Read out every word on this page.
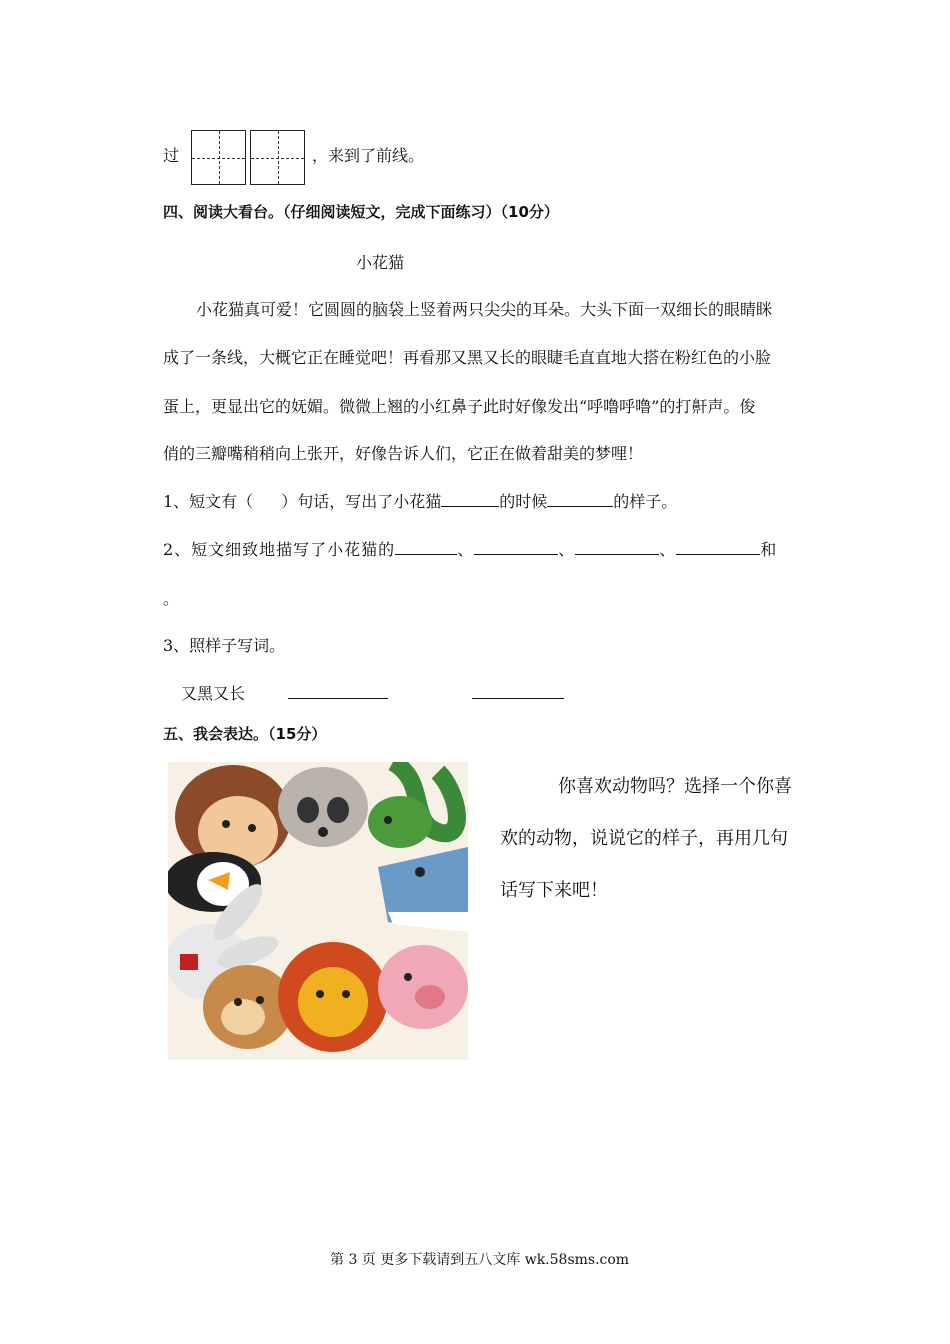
过	，来到了前线。
四、阅读大看台。（仔细阅读短文，完成下面练习）（10分）
小花猫
小花猫真可爱！它圆圆的脑袋上竖着两只尖尖的耳朵。大头下面一双细长的眼睛眯
成了一条线，大概它正在睡觉吧！再看那又黑又长的眼睫毛直直地大搭在粉红色的小脸
蛋上，更显出它的妩媚。微微上翘的小红鼻子此时好像发出“呼噜呼噜”的打鼾声。俊
俏的三瓣嘴稍稍向上张开，好像告诉人们，它正在做着甜美的梦哩！
1、短文有（ ）句话，写出了小花猫	的时候	的样子。
2、短文细致地描写了小花猫的	、	、	、	和
。
3、照样子写词。
又黑又长
五、我会表达。（15分）
你喜欢动物吗？选择一个你喜
欢的动物，说说它的样子，再用几句
话写下来吧！
第 3 页 更多下载请到五八文库 wk.58sms.com
